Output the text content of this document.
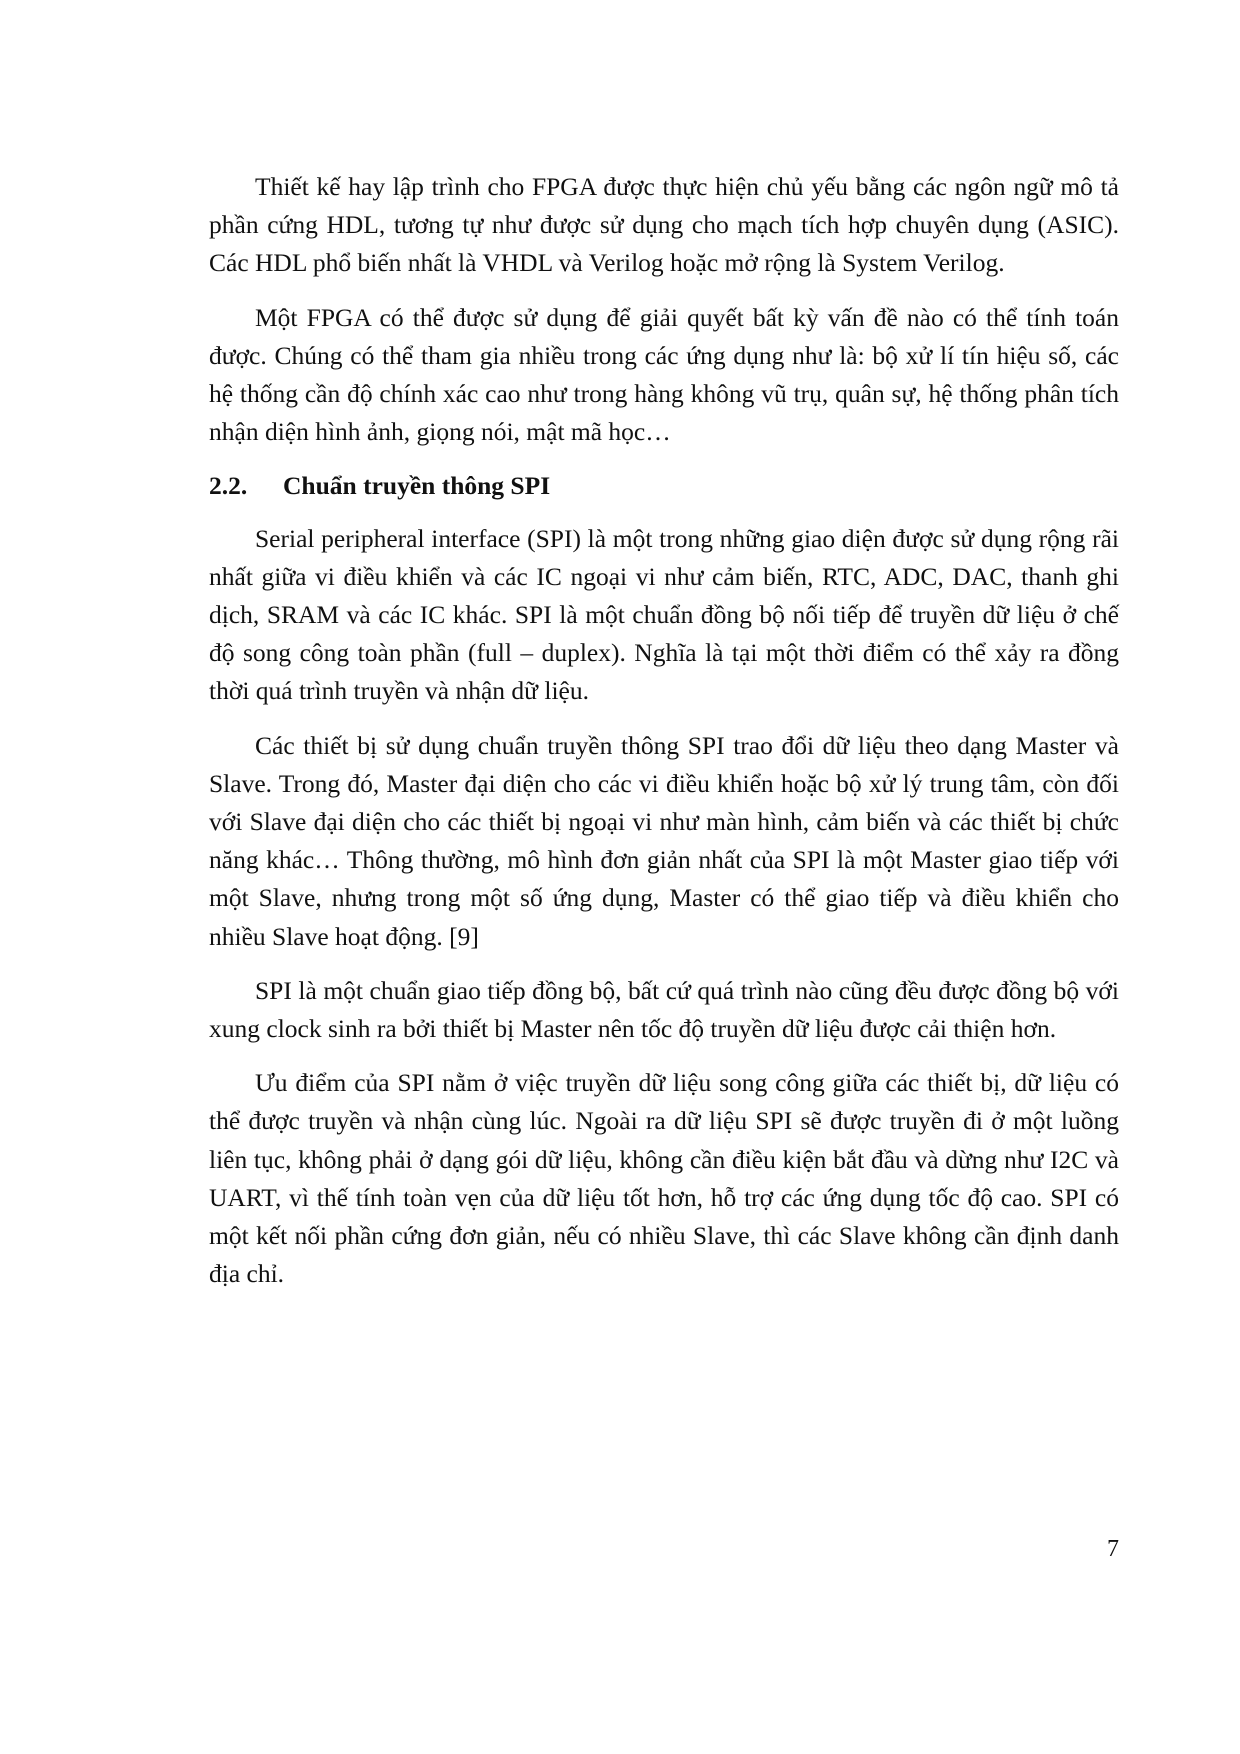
Thiết kế hay lập trình cho FPGA được thực hiện chủ yếu bằng các ngôn ngữ mô tả phần cứng HDL, tương tự như được sử dụng cho mạch tích hợp chuyên dụng (ASIC). Các HDL phổ biến nhất là VHDL và Verilog hoặc mở rộng là System Verilog.

Một FPGA có thể được sử dụng để giải quyết bất kỳ vấn đề nào có thể tính toán được. Chúng có thể tham gia nhiều trong các ứng dụng như là: bộ xử lí tín hiệu số, các hệ thống cần độ chính xác cao như trong hàng không vũ trụ, quân sự, hệ thống phân tích nhận diện hình ảnh, giọng nói, mật mã học…

2.2.	Chuẩn truyền thông SPI

Serial peripheral interface (SPI) là một trong những giao diện được sử dụng rộng rãi nhất giữa vi điều khiển và các IC ngoại vi như cảm biến, RTC, ADC, DAC, thanh ghi dịch, SRAM và các IC khác. SPI là một chuẩn đồng bộ nối tiếp để truyền dữ liệu ở chế độ song công toàn phần (full – duplex). Nghĩa là tại một thời điểm có thể xảy ra đồng thời quá trình truyền và nhận dữ liệu.

Các thiết bị sử dụng chuẩn truyền thông SPI trao đổi dữ liệu theo dạng Master và Slave. Trong đó, Master đại diện cho các vi điều khiển hoặc bộ xử lý trung tâm, còn đối với Slave đại diện cho các thiết bị ngoại vi như màn hình, cảm biến và các thiết bị chức năng khác… Thông thường, mô hình đơn giản nhất của SPI là một Master giao tiếp với một Slave, nhưng trong một số ứng dụng, Master có thể giao tiếp và điều khiển cho nhiều Slave hoạt động. [9]

SPI là một chuẩn giao tiếp đồng bộ, bất cứ quá trình nào cũng đều được đồng bộ với xung clock sinh ra bởi thiết bị Master nên tốc độ truyền dữ liệu được cải thiện hơn.

Ưu điểm của SPI nằm ở việc truyền dữ liệu song công giữa các thiết bị, dữ liệu có thể được truyền và nhận cùng lúc. Ngoài ra dữ liệu SPI sẽ được truyền đi ở một luồng liên tục, không phải ở dạng gói dữ liệu, không cần điều kiện bắt đầu và dừng như I2C và UART, vì thế tính toàn vẹn của dữ liệu tốt hơn, hỗ trợ các ứng dụng tốc độ cao. SPI có một kết nối phần cứng đơn giản, nếu có nhiều Slave, thì các Slave không cần định danh địa chỉ.

7
